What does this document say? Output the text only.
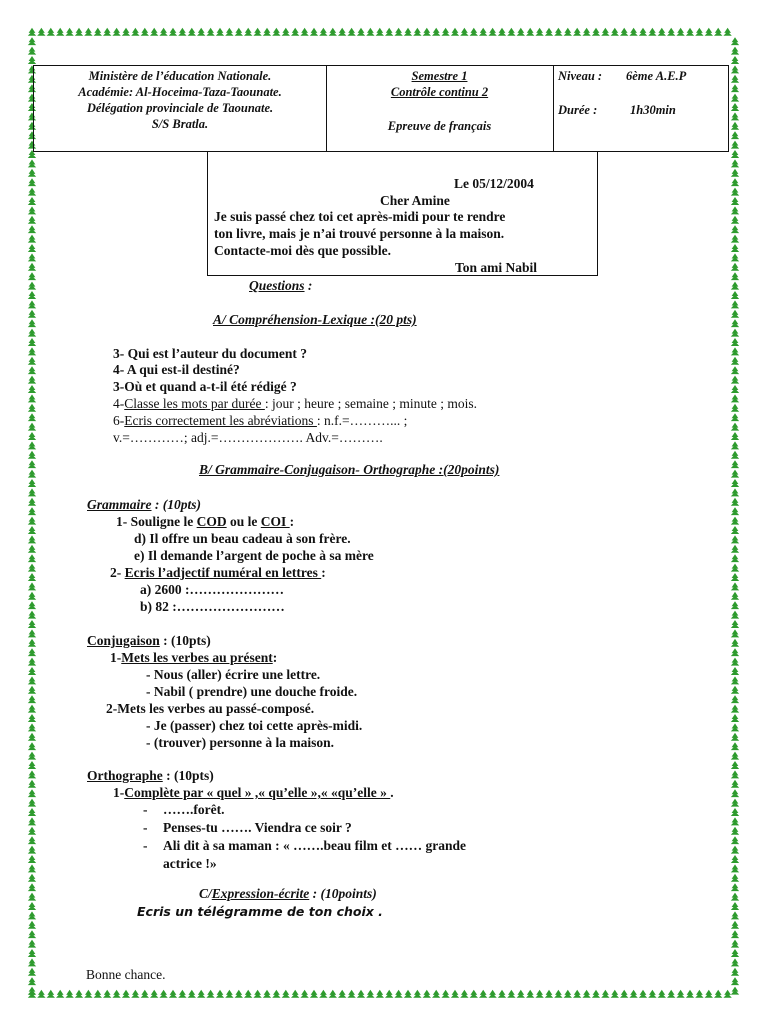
Ministère de l’éducation Nationale.
Académie: Al-Hoceima-Taza-Taounate.
Délégation provinciale de Taounate.
S/S Bratla.
Semestre 1
Contrôle continu 2
Epreuve de français
Niveau : 6ème A.E.P
Durée :	1h30min
Le 05/12/2004
Cher Amine
Je suis passé chez toi cet après-midi pour te rendre
ton livre, mais je n’ai trouvé personne à la maison.
Contacte-moi dès que possible.
Ton ami Nabil
Questions :
A/ Compréhension-Lexique :(20 pts)
3- Qui est l’auteur du document ?
4- A qui est-il destiné?
3-Où et quand a-t-il été rédigé ?
4-Classe les mots par durée : jour ; heure ; semaine ; minute ; mois.
6-Ecris correctement les abréviations : n.f.=………... ;
v.=…………; adj.=………………. Adv.=……….
B/ Grammaire-Conjugaison- Orthographe :(20points)
Grammaire : (10pts)
1- Souligne le COD ou le COI :
d) Il offre un beau cadeau à son frère.
e) Il demande l’argent de poche à sa mère
2- Ecris l’adjectif numéral en lettres :
a) 2600 :…………………
b) 82 :……………………
Conjugaison : (10pts)
1-Mets les verbes au présent:
- Nous (aller) écrire une lettre.
- Nabil ( prendre) une douche froide.
2-Mets les verbes au passé-composé.
- Je (passer) chez toi cette après-midi.
- (trouver) personne à la maison.
Orthographe : (10pts)
1-Complète par « quel » ,« qu’elle »,« «qu’elle » .
- …….forêt.
- Penses-tu ……. Viendra ce soir ?
- Ali dit à sa maman : « …….beau film et …… grande
actrice !»
C/Expression-écrite : (10points)
Ecris un télégramme de ton choix .
Bonne chance.
